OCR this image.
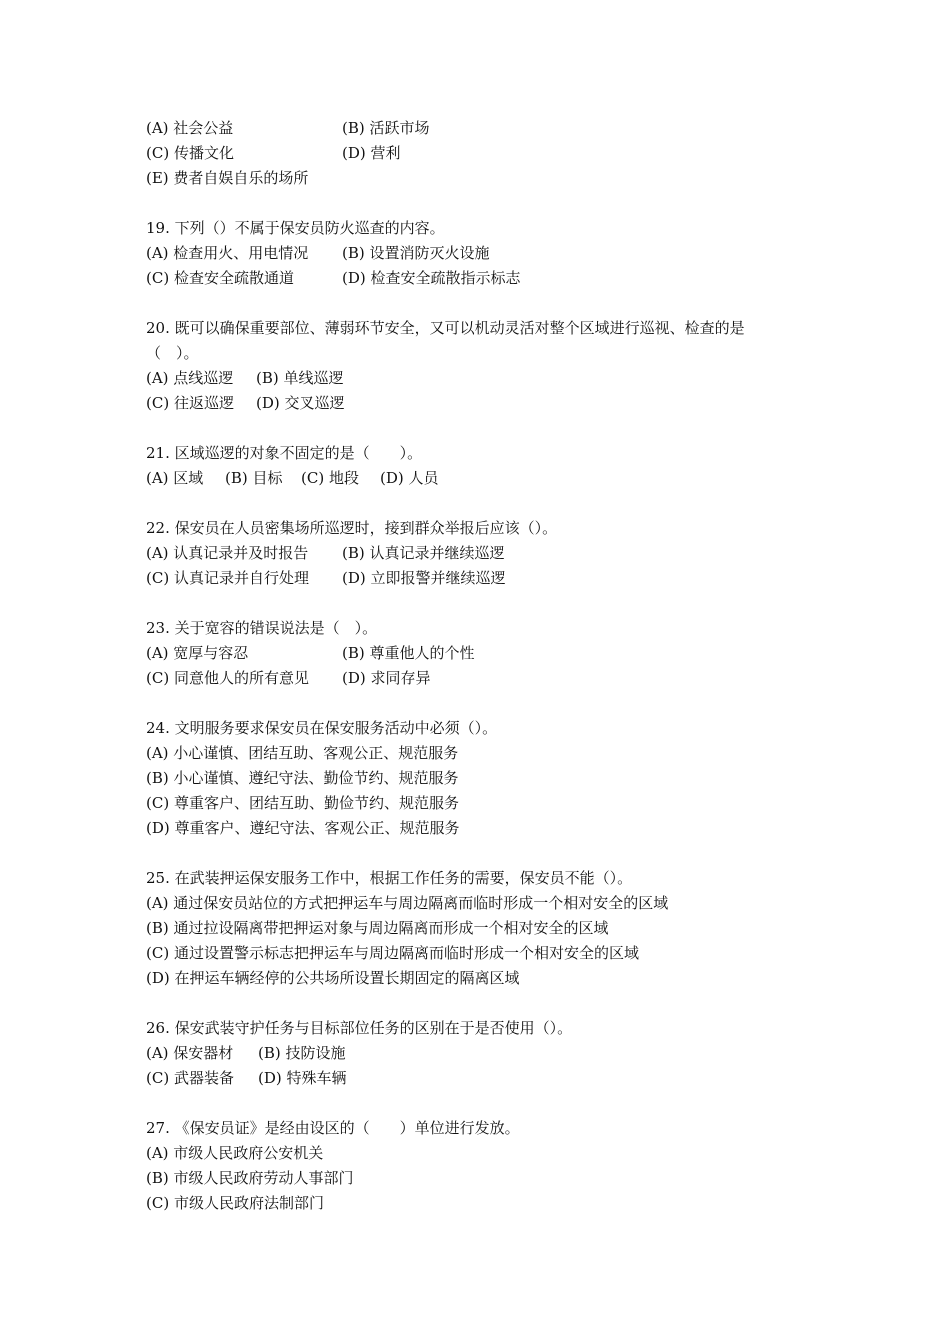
(A) 社会公益	(B) 活跃市场
(C) 传播文化	(D) 营利
(E) 费者自娱自乐的场所
19. 下列（）不属于保安员防火巡查的内容。
(A) 检查用火、用电情况	(B) 设置消防灭火设施
(C) 检查安全疏散通道	(D) 检查安全疏散指示标志
20. 既可以确保重要部位、薄弱环节安全，又可以机动灵活对整个区域进行巡视、检查的是
（　）。
(A) 点线巡逻	(B) 单线巡逻
(C) 往返巡逻	(D) 交叉巡逻
21. 区域巡逻的对象不固定的是（　　）。
(A) 区域	(B) 目标	(C) 地段	(D) 人员
22. 保安员在人员密集场所巡逻时，接到群众举报后应该（）。
(A) 认真记录并及时报告	(B) 认真记录并继续巡逻
(C) 认真记录并自行处理	(D) 立即报警并继续巡逻
23. 关于宽容的错误说法是（　）。
(A) 宽厚与容忍	(B) 尊重他人的个性
(C) 同意他人的所有意见	(D) 求同存异
24. 文明服务要求保安员在保安服务活动中必须（）。
(A) 小心谨慎、团结互助、客观公正、规范服务
(B) 小心谨慎、遵纪守法、勤俭节约、规范服务
(C) 尊重客户、团结互助、勤俭节约、规范服务
(D) 尊重客户、遵纪守法、客观公正、规范服务
25. 在武装押运保安服务工作中，根据工作任务的需要，保安员不能（）。
(A) 通过保安员站位的方式把押运车与周边隔离而临时形成一个相对安全的区域
(B) 通过拉设隔离带把押运对象与周边隔离而形成一个相对安全的区域
(C) 通过设置警示标志把押运车与周边隔离而临时形成一个相对安全的区域
(D) 在押运车辆经停的公共场所设置长期固定的隔离区域
26. 保安武装守护任务与目标部位任务的区别在于是否使用（）。
(A) 保安器材	(B) 技防设施
(C) 武器装备	(D) 特殊车辆
27. 《保安员证》是经由设区的（　　）单位进行发放。
(A) 市级人民政府公安机关
(B) 市级人民政府劳动人事部门
(C) 市级人民政府法制部门
